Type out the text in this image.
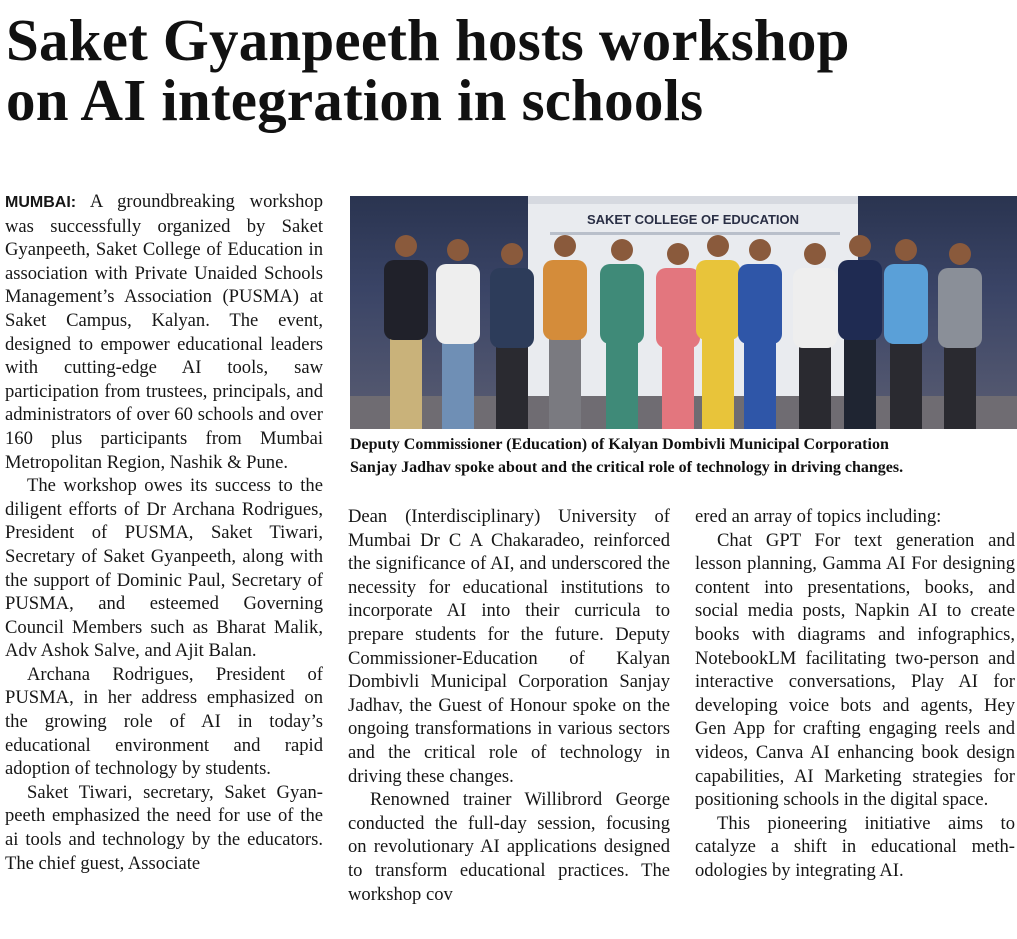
Saket Gyanpeeth hosts workshop
on AI integration in schools

MUMBAI: A groundbreaking workshop was successfully organized by Saket Gyanpeeth, Saket College of Education in association with Private Unaided Schools Management’s Association (PUSMA) at Saket Campus, Kalyan. The event, designed to empower educational leaders with cutting-edge AI tools, saw participation from trustees, principals, and administrators of over 60 schools and over 160 plus participants from Mumbai Metropolitan Region, Nashik & Pune.

The workshop owes its success to the diligent efforts of Dr Archana Rodrigues, President of PUSMA, Saket Tiwari, Secretary of Saket Gyanpeeth, along with the support of Dominic Paul, Secretary of PUSMA, and esteemed Governing Council Members such as Bharat Malik, Adv Ashok Salve, and Ajit Balan.

Archana Rodrigues, President of PUSMA, in her address emphasized on the growing role of AI in today’s educational environment and rapid adoption of technology by students.

Saket Tiwari, secretary, Saket Gyanpeeth emphasized the need for use of the ai tools and technology by the educators. The chief guest, Associate

SAKET COLLEGE OF EDUCATION
Deputy Commissioner (Education) of Kalyan Dombivli Municipal Corporation
Sanjay Jadhav spoke about and the critical role of technology in driving changes.

Dean (Interdisciplinary) University of Mumbai Dr C A Chakaradeo, reinforced the significance of AI, and underscored the necessity for educational institutions to incorporate AI into their curricula to prepare students for the future. Deputy Commissioner-Education of Kalyan Dombivli Municipal Corporation Sanjay Jadhav, the Guest of Honour spoke on the ongoing transformations in various sectors and the critical role of technology in driving these changes.

Renowned trainer Willibrord George conducted the full-day session, focusing on revolutionary AI applications designed to transform educational practices. The workshop cov

ered an array of topics including:

Chat GPT For text generation and lesson planning, Gamma AI For designing content into presentations, books, and social media posts, Napkin AI to create books with diagrams and infographics, NotebookLM facilitating two-person and interactive conversations, Play AI for developing voice bots and agents, Hey Gen App for crafting engaging reels and videos, Canva AI enhancing book design capabilities, AI Marketing strategies for positioning schools in the digital space.

This pioneering initiative aims to catalyze a shift in educational methodologies by integrating AI.
